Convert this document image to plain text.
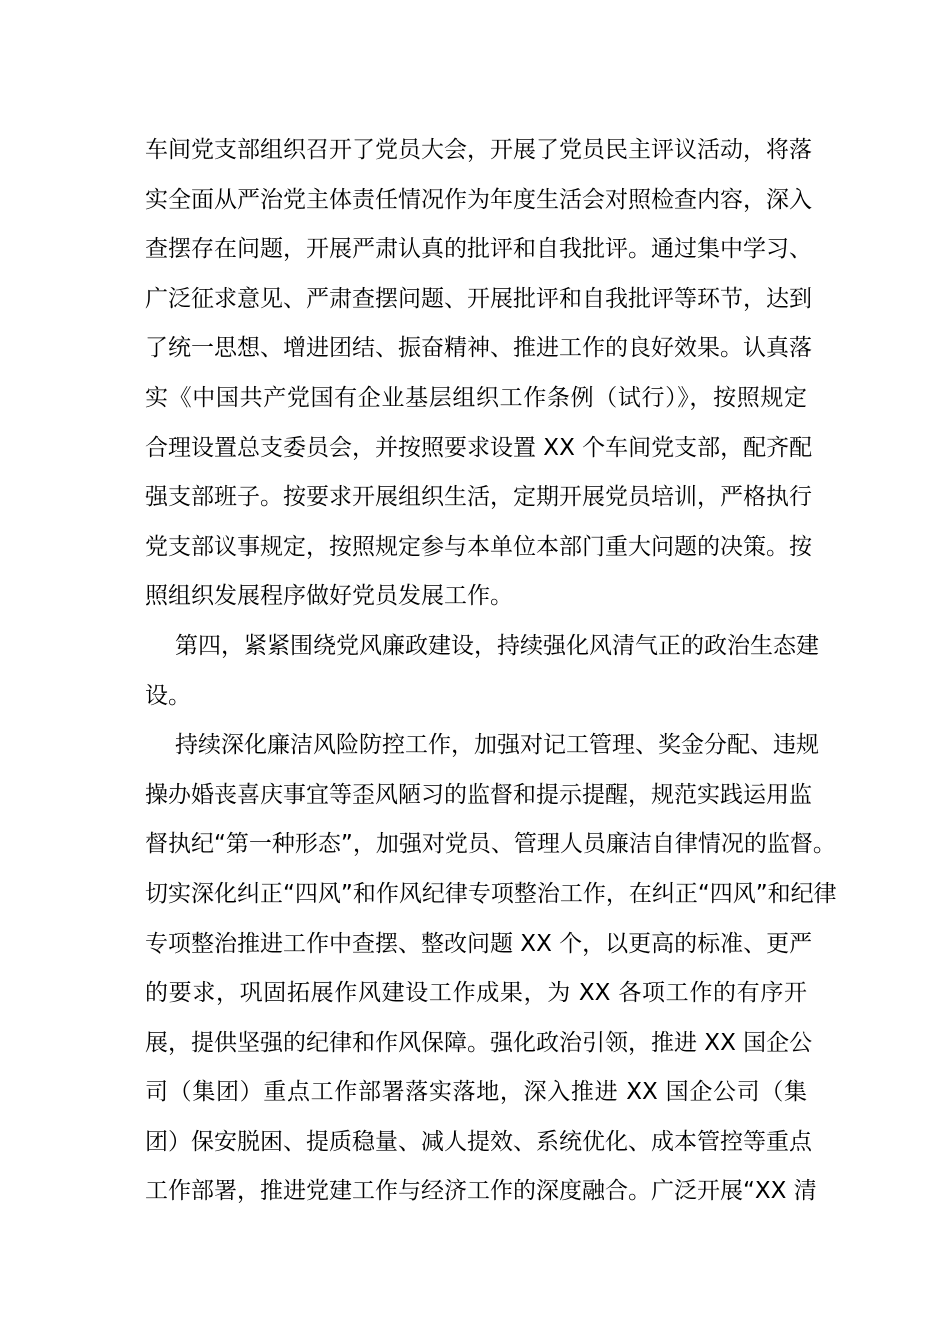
车间党支部组织召开了党员大会，开展了党员民主评议活动，将落
实全面从严治党主体责任情况作为年度生活会对照检查内容，深入
查摆存在问题，开展严肃认真的批评和自我批评。通过集中学习、
广泛征求意见、严肃查摆问题、开展批评和自我批评等环节，达到
了统一思想、增进团结、振奋精神、推进工作的良好效果。认真落
实《中国共产党国有企业基层组织工作条例（试行）》，按照规定
合理设置总支委员会，并按照要求设置 XX 个车间党支部，配齐配
强支部班子。按要求开展组织生活，定期开展党员培训，严格执行
党支部议事规定，按照规定参与本单位本部门重大问题的决策。按
照组织发展程序做好党员发展工作。
第四，紧紧围绕党风廉政建设，持续强化风清气正的政治生态建
设。
持续深化廉洁风险防控工作，加强对记工管理、奖金分配、违规
操办婚丧喜庆事宜等歪风陋习的监督和提示提醒，规范实践运用监
督执纪“第一种形态”，加强对党员、管理人员廉洁自律情况的监督。
切实深化纠正“四风”和作风纪律专项整治工作，在纠正“四风”和纪律
专项整治推进工作中查摆、整改问题 XX 个，以更高的标准、更严
的要求，巩固拓展作风建设工作成果，为 XX 各项工作的有序开
展，提供坚强的纪律和作风保障。强化政治引领，推进 XX 国企公
司（集团）重点工作部署落实落地，深入推进 XX 国企公司（集
团）保安脱困、提质稳量、减人提效、系统优化、成本管控等重点
工作部署，推进党建工作与经济工作的深度融合。广泛开展“XX 清
